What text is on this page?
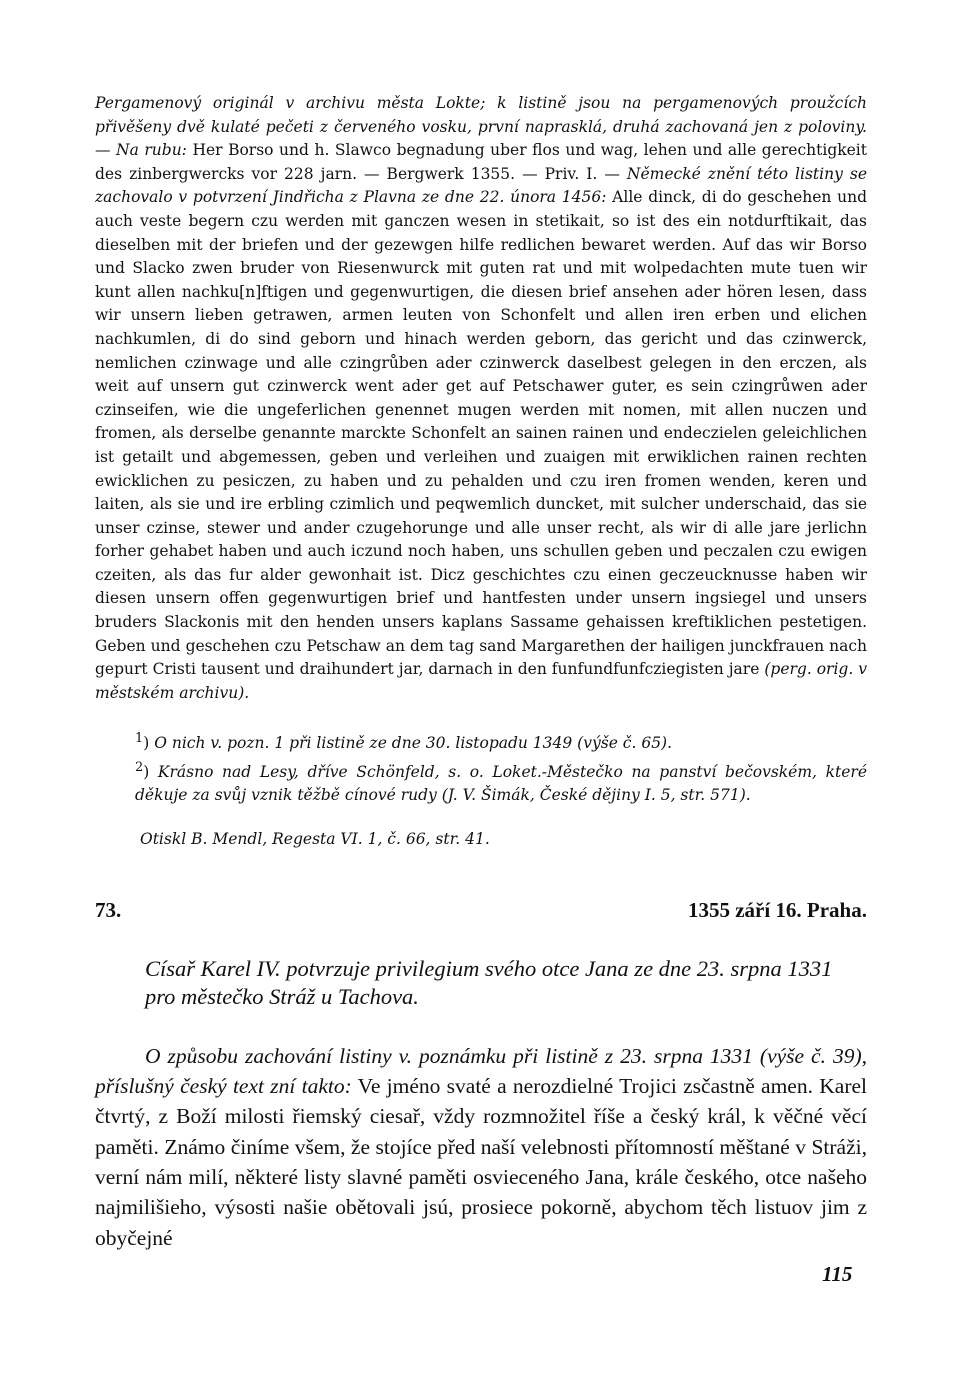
Pergamenový originál v archivu města Lokte; k listině jsou na pergamenových proužcích přivěšeny dvě kulaté pečeti z červeného vosku, první naprasklá, druhá zachovaná jen z poloviny. — Na rubu: Her Borso und h. Slawco begnadung uber flos und wag, lehen und alle gerechtigkeit des zinbergwercks vor 228 jarn. — Bergwerk 1355. — Priv. I. — Německé znění této listiny se zachovalo v potvrzení Jindřicha z Plavna ze dne 22. února 1456: Alle dinck, di do geschehen und auch veste begern czu werden mit ganczen wesen in stetikait, so ist des ein notdurftikait, das dieselben mit der briefen und der gezewgen hilfe redlichen bewaret werden. Auf das wir Borso und Slacko zwen bruder von Riesenwurck mit guten rat und mit wolpedachten mute tuen wir kunt allen nachku[n]ftigen und gegenwurtigen, die diesen brief ansehen ader hören lesen, dass wir unsern lieben getrawen, armen leuten von Schonfelt und allen iren erben und elichen nachkumlen, di do sind geborn und hinach werden geborn, das gericht und das czinwerck, nemlichen czinwage und alle czingrůben ader czinwerck daselbest gelegen in den erczen, als weit auf unsern gut czinwerck went ader get auf Petschawer guter, es sein czingrůwen ader czinseifen, wie die ungeferlichen genennet mugen werden mit nomen, mit allen nuczen und fromen, als derselbe genannte marckte Schonfelt an sainen rainen und endeczielen geleichlichen ist getailt und abgemessen, geben und verleihen und zuaigen mit erwiklichen rainen rechten ewicklichen zu pesiczen, zu haben und zu pehalden und czu iren fromen wenden, keren und laiten, als sie und ire erbling czimlich und peqwemlich duncket, mit sulcher underschaid, das sie unser czinse, stewer und ander czugehorunge und alle unser recht, als wir di alle jare jerlichn forher gehabet haben und auch iczund noch haben, uns schullen geben und peczalen czu ewigen czeiten, als das fur alder gewonhait ist. Dicz geschichtes czu einen geczeucknusse haben wir diesen unsern offen gegenwurtigen brief und hantfesten under unsern ingsiegel und unsers bruders Slackonis mit den henden unsers kaplans Sassame gehaissen kreftiklichen pestetigen. Geben und geschehen czu Petschaw an dem tag sand Margarethen der hailigen junckfrauen nach gepurt Cristi tausent und draihundert jar, darnach in den funfundfunfcziegisten jare (perg. orig. v městském archivu).

$^1$) O nich v. pozn. 1 při listině ze dne 30. listopadu 1349 (výše č. 65).

$^2$) Krásno nad Lesy, dříve Schönfeld, s. o. Loket.-Městečko na panství bečovském, které děkuje za svůj vznik těžbě cínové rudy (J. V. Šimák, České dějiny I. 5, str. 571).

Otiskl B. Mendl, Regesta VI. 1, č. 66, str. 41.
73.	1355 září 16. Praha.
Císař Karel IV. potvrzuje privilegium svého otce Jana ze dne 23. srpna 1331 pro městečko Stráž u Tachova.
O způsobu zachování listiny v. poznámku při listině z 23. srpna 1331 (výše č. 39), příslušný český text zní takto: Ve jméno svaté a nerozdielné Trojici zsčastně amen. Karel čtvrtý, z Boží milosti řiemský ciesař, vždy rozmnožitel říše a český král, k věčné věcí paměti. Známo činíme všem, že stojíce před naší velebnosti přítomností měštané v Stráži, verní nám milí, některé listy slavné paměti osvieceného Jana, krále českého, otce našeho najmilišieho, výsosti našie obětovali jsú, prosiece pokorně, abychom těch listuov jim z obyčejné
115
